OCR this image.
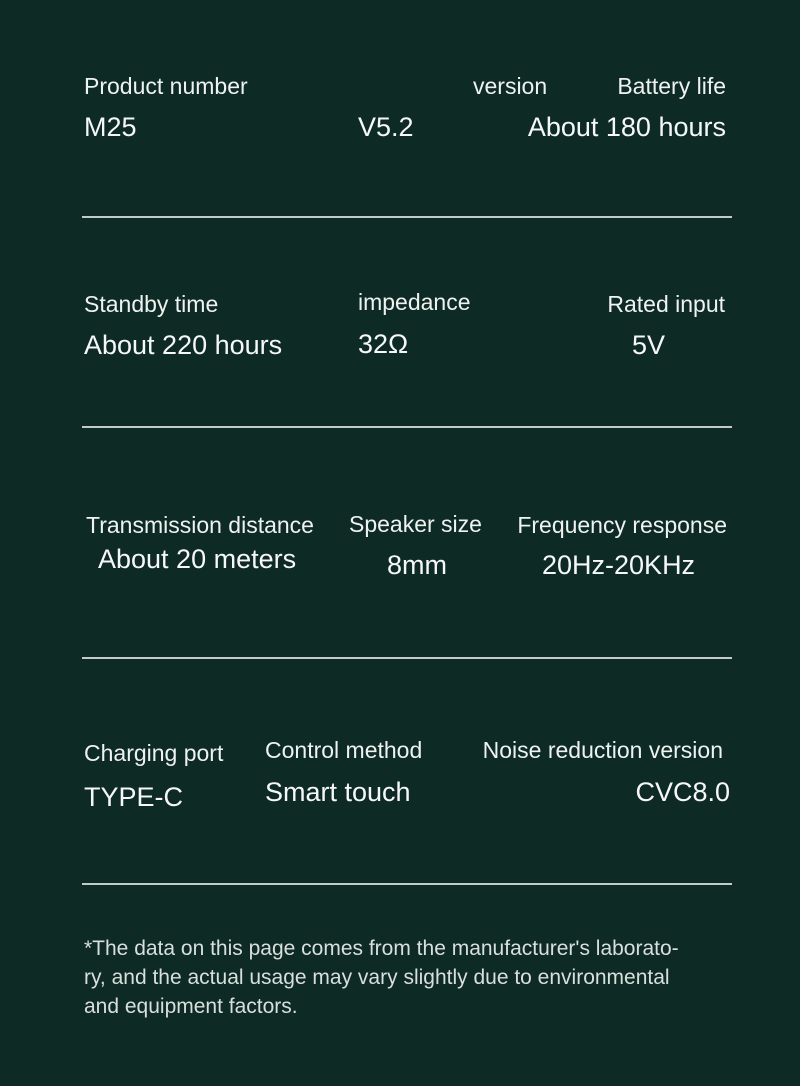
Product number
M25
version
V5.2
Battery life
About 180 hours
Standby time
About 220 hours
impedance
32Ω
Rated input
5V
Transmission distance
About 20 meters
Speaker size
8mm
Frequency response
20Hz-20KHz
Charging port
TYPE-C
Control method
Smart touch
Noise reduction version
CVC8.0
*The data on this page comes from the manufacturer's laborato-
ry, and the actual usage may vary slightly due to environmental
and equipment factors.
